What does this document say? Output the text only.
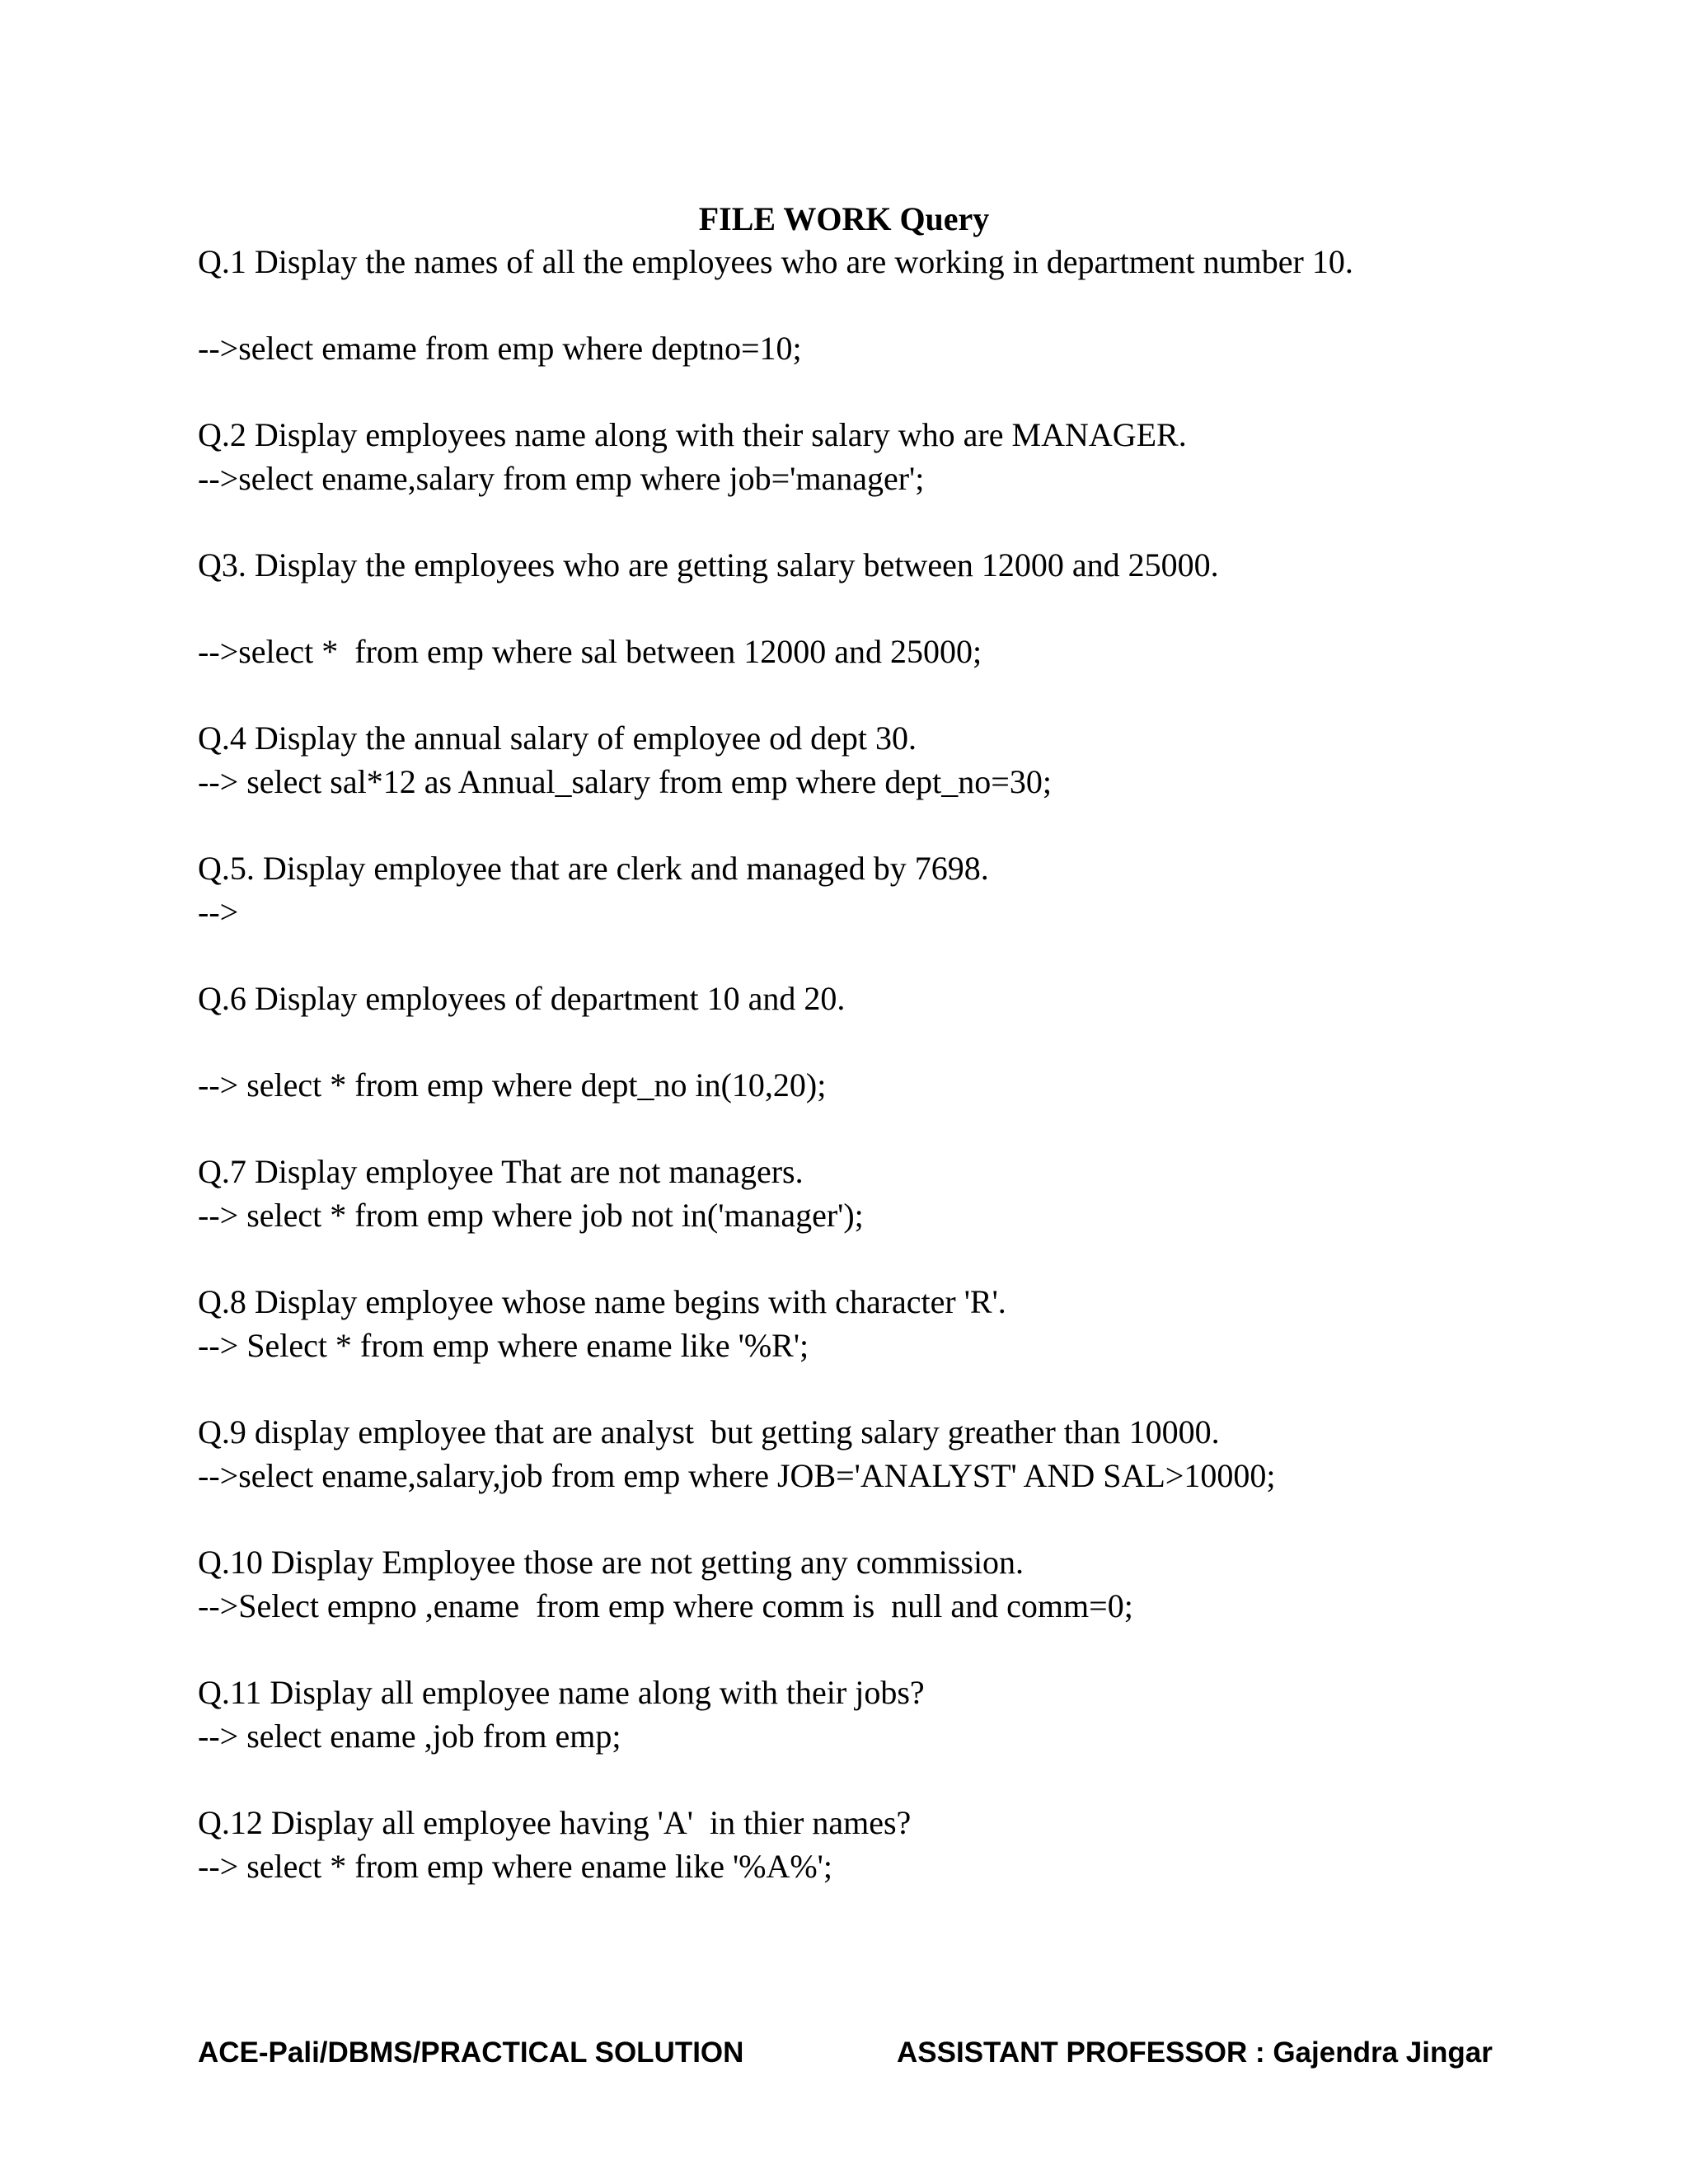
FILE WORK Query
Q.1 Display the names of all the employees who are working in department number 10.
-->select emame from emp where deptno=10;
Q.2 Display employees name along with their salary who are MANAGER.
-->select ename,salary from emp where job='manager';
Q3. Display the employees who are getting salary between 12000 and 25000.
-->select *  from emp where sal between 12000 and 25000;
Q.4 Display the annual salary of employee od dept 30.
--> select sal*12 as Annual_salary from emp where dept_no=30;
Q.5. Display employee that are clerk and managed by 7698.
-->
Q.6 Display employees of department 10 and 20.
--> select * from emp where dept_no in(10,20);
Q.7 Display employee That are not managers.
--> select * from emp where job not in('manager');
Q.8 Display employee whose name begins with character 'R'.
--> Select * from emp where ename like '%R';
Q.9 display employee that are analyst  but getting salary greather than 10000.
-->select ename,salary,job from emp where JOB='ANALYST' AND SAL>10000;
Q.10 Display Employee those are not getting any commission.
-->Select empno ,ename  from emp where comm is  null and comm=0;
Q.11 Display all employee name along with their jobs?
--> select ename ,job from emp;
Q.12 Display all employee having 'A'  in thier names?
--> select * from emp where ename like '%A%';
ACE-Pali/DBMS/PRACTICAL SOLUTION	ASSISTANT PROFESSOR : Gajendra Jingar
